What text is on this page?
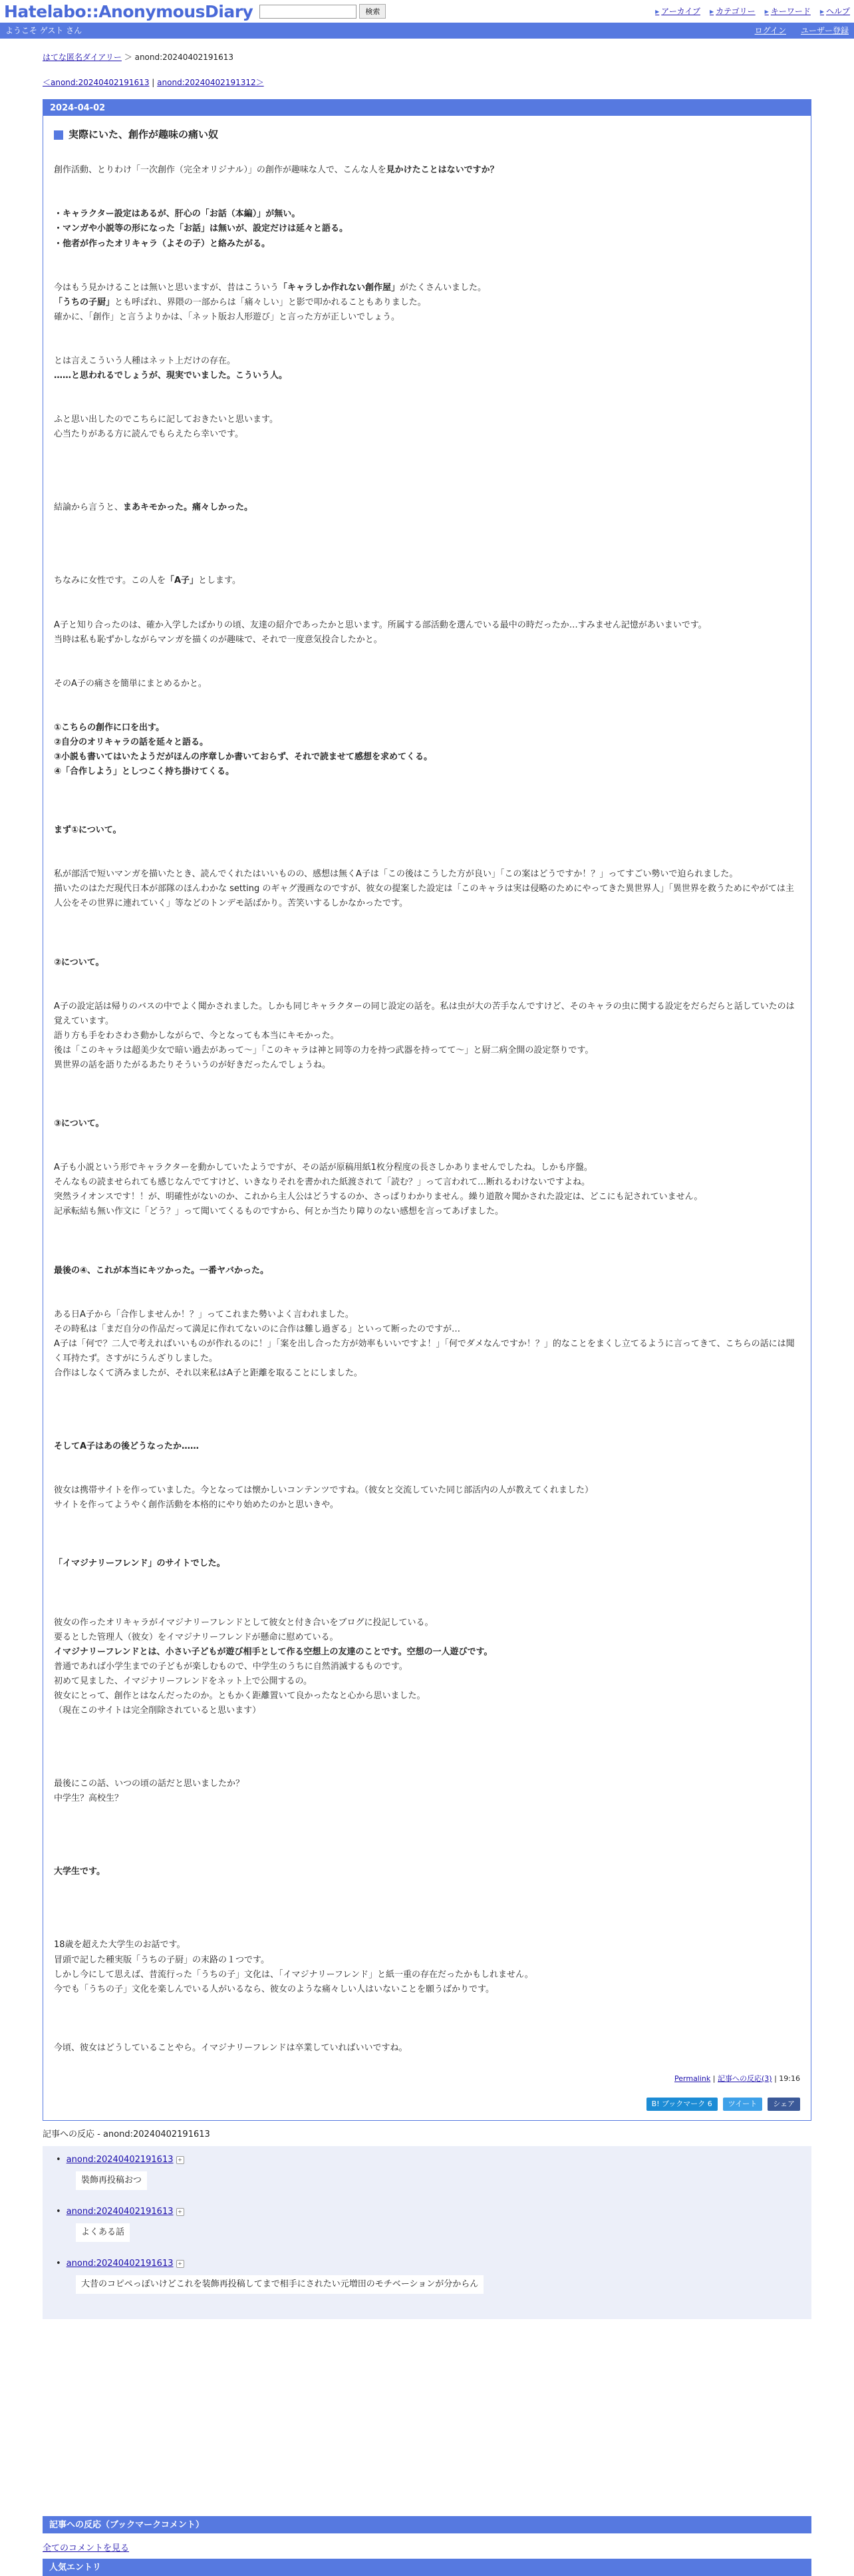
Hatelabo::AnonymousDiary	検索	▶ アーカイブ	▶ カテゴリー	▶ キーワード	▶ ヘルプ
ようこそ ゲスト さん	ログイン ユーザー登録
はてな匿名ダイアリー ＞ anond:20240402191613
＜anond:20240402191613 | anond:20240402191312＞
2024-04-02
実際にいた、創作が趣味の痛い奴

創作活動、とりわけ「一次創作（完全オリジナル）」の創作が趣味な人で、こんな人を見かけたことはないですか？

・キャラクター設定はあるが、肝心の「お話（本編）」が無い。
・マンガや小説等の形になった「お話」は無いが、設定だけは延々と語る。
・他者が作ったオリキャラ（よその子）と絡みたがる。

今はもう見かけることは無いと思いますが、昔はこういう「キャラしか作れない創作屋」がたくさんいました。
「うちの子厨」とも呼ばれ、界隈の一部からは「痛々しい」と影で叩かれることもありました。
確かに、「創作」と言うよりかは、「ネット版お人形遊び」と言った方が正しいでしょう。

とは言えこういう人種はネット上だけの存在。
……と思われるでしょうが、現実でいました。こういう人。

ふと思い出したのでこちらに記しておきたいと思います。
心当たりがある方に読んでもらえたら幸いです。

結論から言うと、まあキモかった。痛々しかった。

ちなみに女性です。この人を「A子」とします。

A子と知り合ったのは、確か入学したばかりの頃、友達の紹介であったかと思います。所属する部活動を選んでいる最中の時だったか…すみません記憶があいまいです。
当時は私も恥ずかしながらマンガを描くのが趣味で、それで一度意気投合したかと。

そのA子の痛さを簡単にまとめるかと。

①こちらの創作に口を出す。
②自分のオリキャラの話を延々と語る。
③小説も書いてはいたようだがほんの序章しか書いておらず、それで読ませて感想を求めてくる。
④「合作しよう」としつこく持ち掛けてくる。

まず①について。

私が部活で短いマンガを描いたとき、読んでくれたはいいものの、感想は無くA子は「この後はこうした方が良い」「この案はどうですか！？」ってすごい勢いで迫られました。
描いたのはただ現代日本が部隊のほんわかな setting のギャグ漫画なのですが、彼女の提案した設定は「このキャラは実は侵略のためにやってきた異世界人」「異世界を救うためにやがては主人公をその世界に連れていく」等などのトンデモ話ばかり。苦笑いするしかなかったです。

②について。

A子の設定話は帰りのバスの中でよく聞かされました。しかも同じキャラクターの同じ設定の話を。私は虫が大の苦手なんですけど、そのキャラの虫に関する設定をだらだらと話していたのは覚えています。
語り方も手をわさわさ動かしながらで、今となっても本当にキモかった。
後は「このキャラは超美少女で暗い過去があって～」「このキャラは神と同等の力を持つ武器を持ってて～」と厨二病全開の設定祭りです。
異世界の話を語りたがるあたりそういうのが好きだったんでしょうね。

③について。

A子も小説という形でキャラクターを動かしていたようですが、その話が原稿用紙1枚分程度の長さしかありませんでしたね。しかも序盤。
そんなもの読ませられても感じなんでてすけど、いきなりそれを書かれた紙渡されて「読む？」って言われて…断れるわけないですよね。
突然ライオンスです！！が、明確性がないのか、これから主人公はどうするのか、さっぱりわかりません。繰り道散々聞かされた設定は、どこにも記されていません。
記承転結も無い作文に「どう？」って聞いてくるものですから、何とか当たり障りのない感想を言ってあげました。

最後の④、これが本当にキツかった。一番ヤバかった。

ある日A子から「合作しませんか！？」ってこれまた勢いよく言われました。
その時私は「まだ自分の作品だって満足に作れてないのに合作は難し過ぎる」といって断ったのですが…
A子は「何で？二人で考えればいいものが作れるのに！」「案を出し合った方が効率もいいですよ！」「何でダメなんですか！？」的なことをまくし立てるように言ってきて、こちらの話には聞く耳持たず。さすがにうんざりしました。
合作はしなくて済みましたが、それ以来私はA子と距離を取ることにしました。

そしてA子はあの後どうなったか……

彼女は携帯サイトを作っていました。今となっては懐かしいコンテンツですね。（彼女と交流していた同じ部活内の人が教えてくれました）
サイトを作ってようやく創作活動を本格的にやり始めたのかと思いきや。

「イマジナリーフレンド」のサイトでした。

彼女の作ったオリキャラがイマジナリーフレンドとして彼女と付き合いをブログに投記している。
要るとした管理人（彼女）をイマジナリーフレンドが懸命に慰めている。
イマジナリーフレンドとは、小さい子どもが遊び相手として作る空想上の友達のことです。空想の一人遊びです。
普通であれば小学生までの子どもが楽しむもので、中学生のうちに自然消滅するものです。
初めて見ました、イマジナリーフレンドをネット上で公開するの。
彼女にとって、創作とはなんだったのか。ともかく距離置いて良かったなと心から思いました。
（現在このサイトは完全削除されていると思います）

最後にこの話、いつの頃の話だと思いましたか？
中学生？高校生？

大学生です。

18歳を超えた大学生のお話です。
冒頭で記した種実版「うちの子厨」の末路の１つです。
しかし今にして思えば、昔流行った「うちの子」文化は、「イマジナリーフレンド」と紙一重の存在だったかもしれません。

今でも「うちの子」文化を楽しんでいる人がいるなら、彼女のような痛々しい人はいないことを願うばかりです。

今頃、彼女はどうしていることやら。イマジナリーフレンドは卒業していればいいですね。

Permalink | 記事への反応(3) | 19:16
B! ブックマーク 6	ツイート	シェア
記事への反応 - anond:20240402191613
• anond:20240402191613 +
裝飾再投稿おつ
• anond:20240402191613 +
よくある話
• anond:20240402191613 +
大昔のコピペっぽいけどこれを装飾再投稿してまで相手にされたい元増田のモチベーションが分からん
記事への反応（ブックマークコメント）
全てのコメントを見る
人気エントリ
